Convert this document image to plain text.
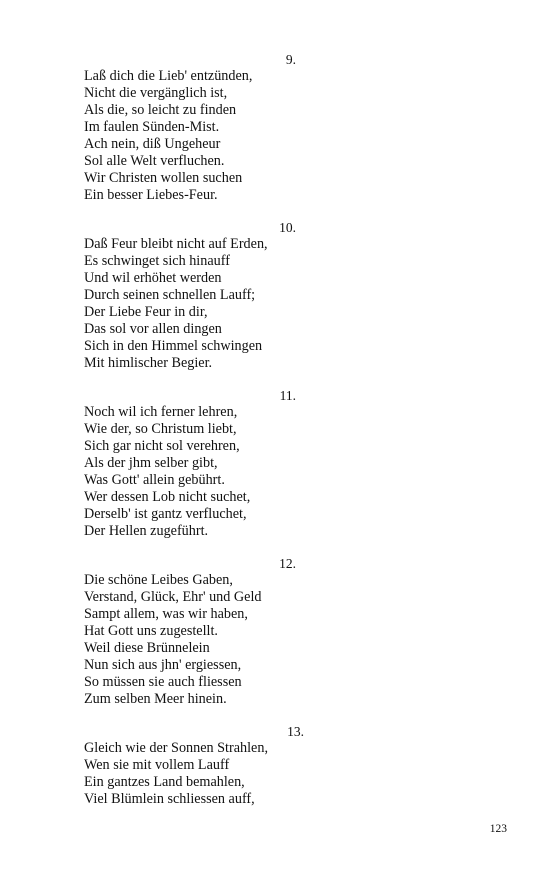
9.
Laß dich die Lieb' entzünden,
Nicht die vergänglich ist,
Als die, so leicht zu finden
Im faulen Sünden-Mist.
Ach nein, diß Ungeheur
Sol alle Welt verfluchen.
Wir Christen wollen suchen
Ein besser Liebes-Feur.
10.
Daß Feur bleibt nicht auf Erden,
Es schwinget sich hinauff
Und wil erhöhet werden
Durch seinen schnellen Lauff;
Der Liebe Feur in dir,
Das sol vor allen dingen
Sich in den Himmel schwingen
Mit himlischer Begier.
11.
Noch wil ich ferner lehren,
Wie der, so Christum liebt,
Sich gar nicht sol verehren,
Als der jhm selber gibt,
Was Gott' allein gebührt.
Wer dessen Lob nicht suchet,
Derselb' ist gantz verfluchet,
Der Hellen zugeführt.
12.
Die schöne Leibes Gaben,
Verstand, Glück, Ehr' und Geld
Sampt allem, was wir haben,
Hat Gott uns zugestellt.
Weil diese Brünnelein
Nun sich aus jhn' ergiessen,
So müssen sie auch fliessen
Zum selben Meer hinein.
13.
Gleich wie der Sonnen Strahlen,
Wen sie mit vollem Lauff
Ein gantzes Land bemahlen,
Viel Blümlein schliessen auff,
123
